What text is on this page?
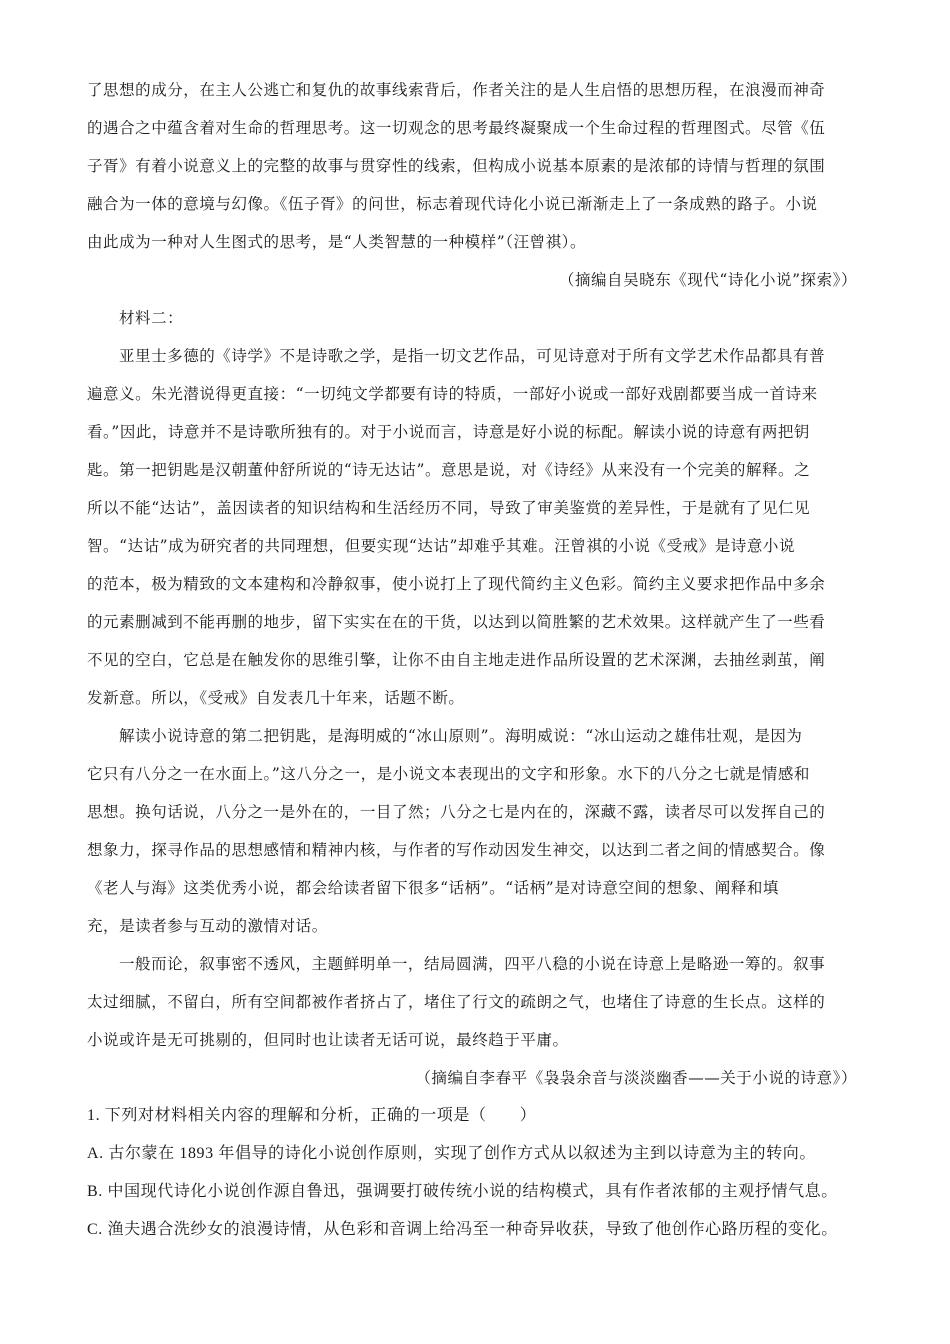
了思想的成分，在主人公逃亡和复仇的故事线索背后，作者关注的是人生启悟的思想历程，在浪漫而神奇
的遇合之中蕴含着对生命的哲理思考。这一切观念的思考最终凝聚成一个生命过程的哲理图式。尽管《伍
子胥》有着小说意义上的完整的故事与贯穿性的线索，但构成小说基本原素的是浓郁的诗情与哲理的氛围
融合为一体的意境与幻像。《伍子胥》的问世，标志着现代诗化小说已渐渐走上了一条成熟的路子。小说
由此成为一种对人生图式的思考，是“人类智慧的一种模样”（汪曾祺）。
（摘编自吴晓东《现代“诗化小说”探索》）
材料二：
亚里士多德的《诗学》不是诗歌之学，是指一切文艺作品，可见诗意对于所有文学艺术作品都具有普
遍意义。朱光潜说得更直接：“一切纯文学都要有诗的特质，一部好小说或一部好戏剧都要当成一首诗来
看。”因此，诗意并不是诗歌所独有的。对于小说而言，诗意是好小说的标配。解读小说的诗意有两把钥
匙。第一把钥匙是汉朝董仲舒所说的“诗无达诂”。意思是说，对《诗经》从来没有一个完美的解释。之
所以不能“达诂”，盖因读者的知识结构和生活经历不同，导致了审美鉴赏的差异性，于是就有了见仁见
智。“达诂”成为研究者的共同理想，但要实现“达诂”却难乎其难。汪曾祺的小说《受戒》是诗意小说
的范本，极为精致的文本建构和冷静叙事，使小说打上了现代简约主义色彩。简约主义要求把作品中多余
的元素删减到不能再删的地步，留下实实在在的干货，以达到以简胜繁的艺术效果。这样就产生了一些看
不见的空白，它总是在触发你的思维引擎，让你不由自主地走进作品所设置的艺术深渊，去抽丝剥茧，阐
发新意。所以，《受戒》自发表几十年来，话题不断。
解读小说诗意的第二把钥匙，是海明威的“冰山原则”。海明威说：“冰山运动之雄伟壮观，是因为
它只有八分之一在水面上。”这八分之一，是小说文本表现出的文字和形象。水下的八分之七就是情感和
思想。换句话说，八分之一是外在的，一目了然；八分之七是内在的，深藏不露，读者尽可以发挥自己的
想象力，探寻作品的思想感情和精神内核，与作者的写作动因发生神交，以达到二者之间的情感契合。像
《老人与海》这类优秀小说，都会给读者留下很多“话柄”。“话柄”是对诗意空间的想象、阐释和填
充，是读者参与互动的激情对话。
一般而论，叙事密不透风，主题鲜明单一，结局圆满，四平八稳的小说在诗意上是略逊一筹的。叙事
太过细腻，不留白，所有空间都被作者挤占了，堵住了行文的疏朗之气，也堵住了诗意的生长点。这样的
小说或许是无可挑剔的，但同时也让读者无话可说，最终趋于平庸。
（摘编自李春平《袅袅余音与淡淡幽香——关于小说的诗意》）
1. 下列对材料相关内容的理解和分析，正确的一项是（　　）
A. 古尔蒙在 1893 年倡导的诗化小说创作原则，实现了创作方式从以叙述为主到以诗意为主的转向。
B. 中国现代诗化小说创作源自鲁迅，强调要打破传统小说的结构模式，具有作者浓郁的主观抒情气息。
C. 渔夫遇合洗纱女的浪漫诗情，从色彩和音调上给冯至一种奇异收获，导致了他创作心路历程的变化。
